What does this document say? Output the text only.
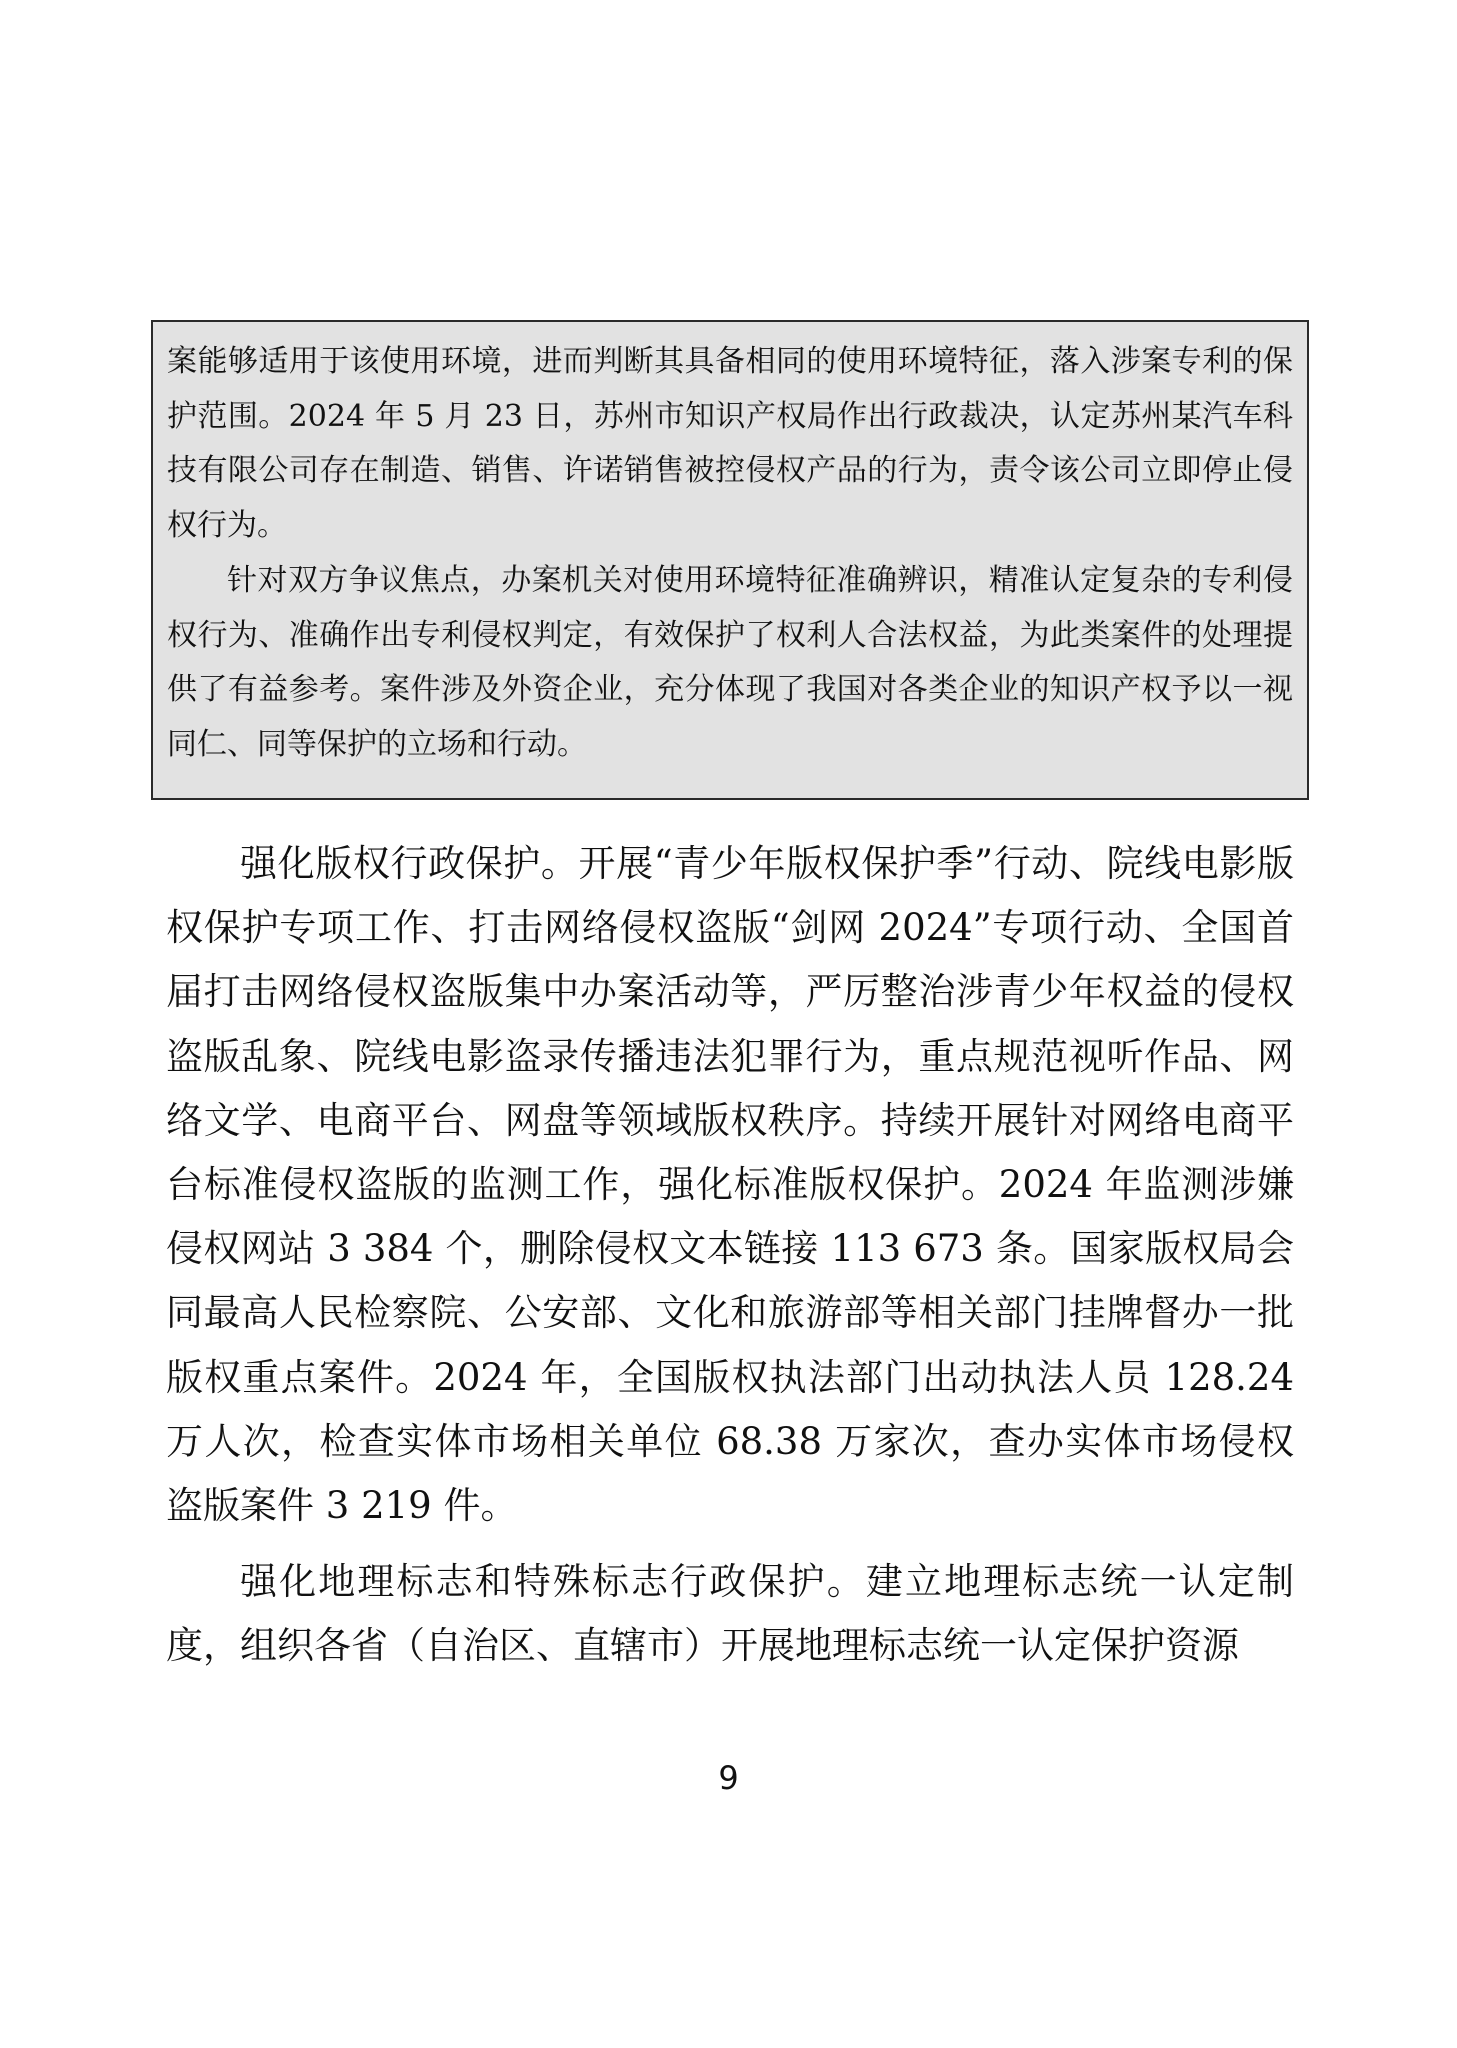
案能够适用于该使用环境，进而判断其具备相同的使用环境特征，落入涉案专利的保护范围。2024 年 5 月 23 日，苏州市知识产权局作出行政裁决，认定苏州某汽车科技有限公司存在制造、销售、许诺销售被控侵权产品的行为，责令该公司立即停止侵权行为。

针对双方争议焦点，办案机关对使用环境特征准确辨识，精准认定复杂的专利侵权行为、准确作出专利侵权判定，有效保护了权利人合法权益，为此类案件的处理提供了有益参考。案件涉及外资企业，充分体现了我国对各类企业的知识产权予以一视同仁、同等保护的立场和行动。

强化版权行政保护。开展“青少年版权保护季”行动、院线电影版权保护专项工作、打击网络侵权盗版“剑网 2024”专项行动、全国首届打击网络侵权盗版集中办案活动等，严厉整治涉青少年权益的侵权盗版乱象、院线电影盗录传播违法犯罪行为，重点规范视听作品、网络文学、电商平台、网盘等领域版权秩序。持续开展针对网络电商平台标准侵权盗版的监测工作，强化标准版权保护。2024 年监测涉嫌侵权网站 3 384 个，删除侵权文本链接 113 673 条。国家版权局会同最高人民检察院、公安部、文化和旅游部等相关部门挂牌督办一批版权重点案件。2024 年，全国版权执法部门出动执法人员 128.24 万人次，检查实体市场相关单位 68.38 万家次，查办实体市场侵权盗版案件 3 219 件。

强化地理标志和特殊标志行政保护。建立地理标志统一认定制度，组织各省（自治区、直辖市）开展地理标志统一认定保护资源

9
